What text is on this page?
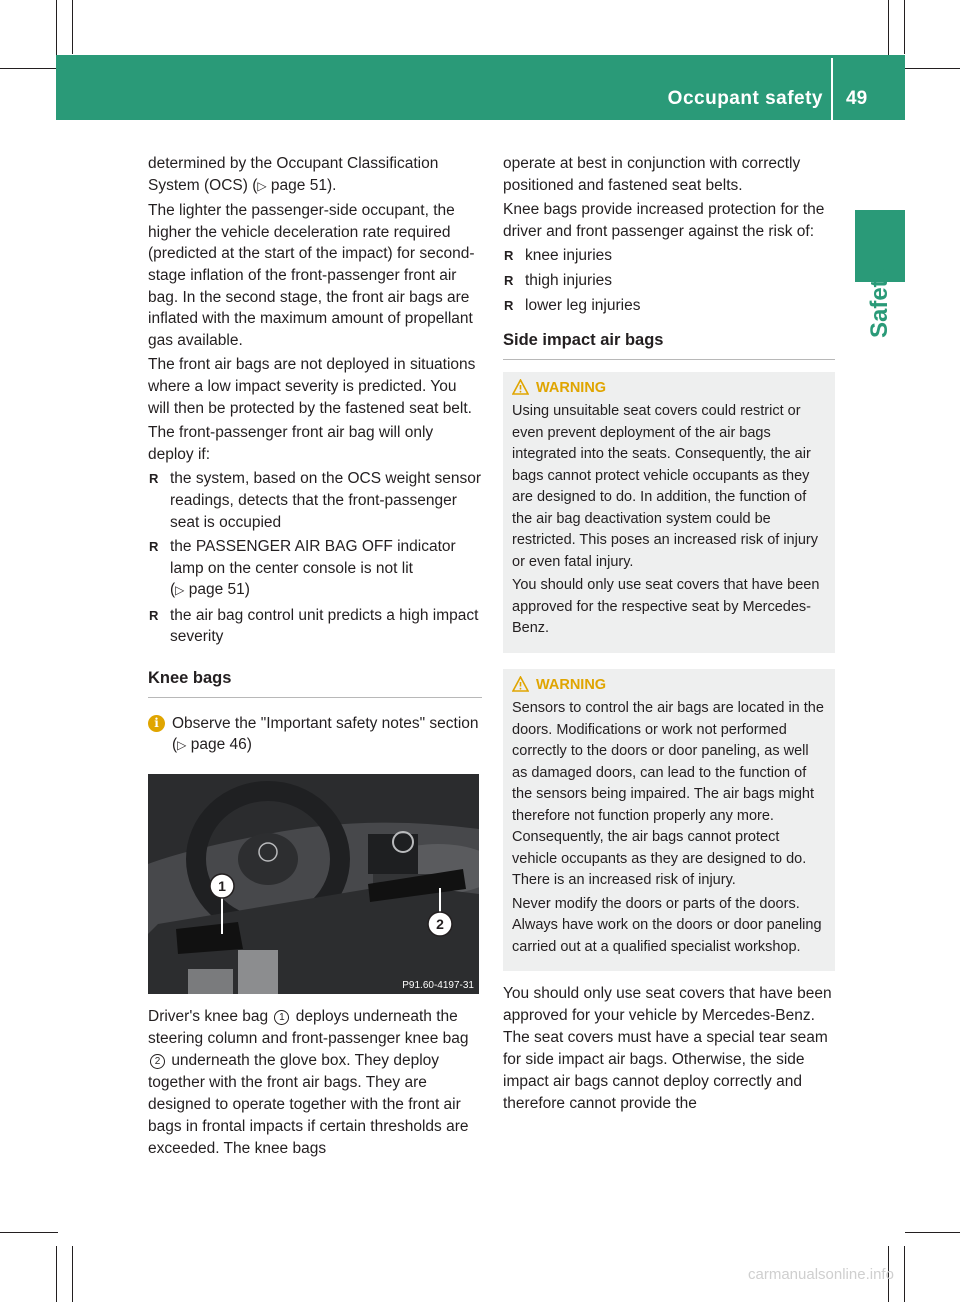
Occupant safety 49
Safety

determined by the Occupant Classification System (OCS) (▷ page 51).

The lighter the passenger-side occupant, the higher the vehicle deceleration rate required (predicted at the start of the impact) for second-stage inflation of the front-passenger front air bag. In the second stage, the front air bags are inflated with the maximum amount of propellant gas available.

The front air bags are not deployed in situations where a low impact severity is predicted. You will then be protected by the fastened seat belt.

The front-passenger front air bag will only deploy if:

R the system, based on the OCS weight sensor readings, detects that the front-passenger seat is occupied
R the PASSENGER AIR BAG OFF indicator lamp on the center console is not lit
(▷ page 51)
R the air bag control unit predicts a high impact severity
Knee bags
i Observe the "Important safety notes" section (▷ page 46)
1
2
P91.60-4197-31

Driver's knee bag 1 deploys underneath the steering column and front-passenger knee bag 2 underneath the glove box. They deploy together with the front air bags. They are designed to operate together with the front air bags in frontal impacts if certain thresholds are exceeded. The knee bags

operate at best in conjunction with correctly positioned and fastened seat belts.

Knee bags provide increased protection for the driver and front passenger against the risk of:

R knee injuries
R thigh injuries
R lower leg injuries
Side impact air bags
WARNING

Using unsuitable seat covers could restrict or even prevent deployment of the air bags integrated into the seats. Consequently, the air bags cannot protect vehicle occupants as they are designed to do. In addition, the function of the air bag deactivation system could be restricted. This poses an increased risk of injury or even fatal injury.

You should only use seat covers that have been approved for the respective seat by Mercedes-Benz.

WARNING

Sensors to control the air bags are located in the doors. Modifications or work not performed correctly to the doors or door paneling, as well as damaged doors, can lead to the function of the sensors being impaired. The air bags might therefore not function properly any more. Consequently, the air bags cannot protect vehicle occupants as they are designed to do. There is an increased risk of injury.

Never modify the doors or parts of the doors. Always have work on the doors or door paneling carried out at a qualified specialist workshop.

You should only use seat covers that have been approved for your vehicle by Mercedes-Benz. The seat covers must have a special tear seam for side impact air bags. Otherwise, the side impact air bags cannot deploy correctly and therefore cannot provide the

carmanualsonline.info
